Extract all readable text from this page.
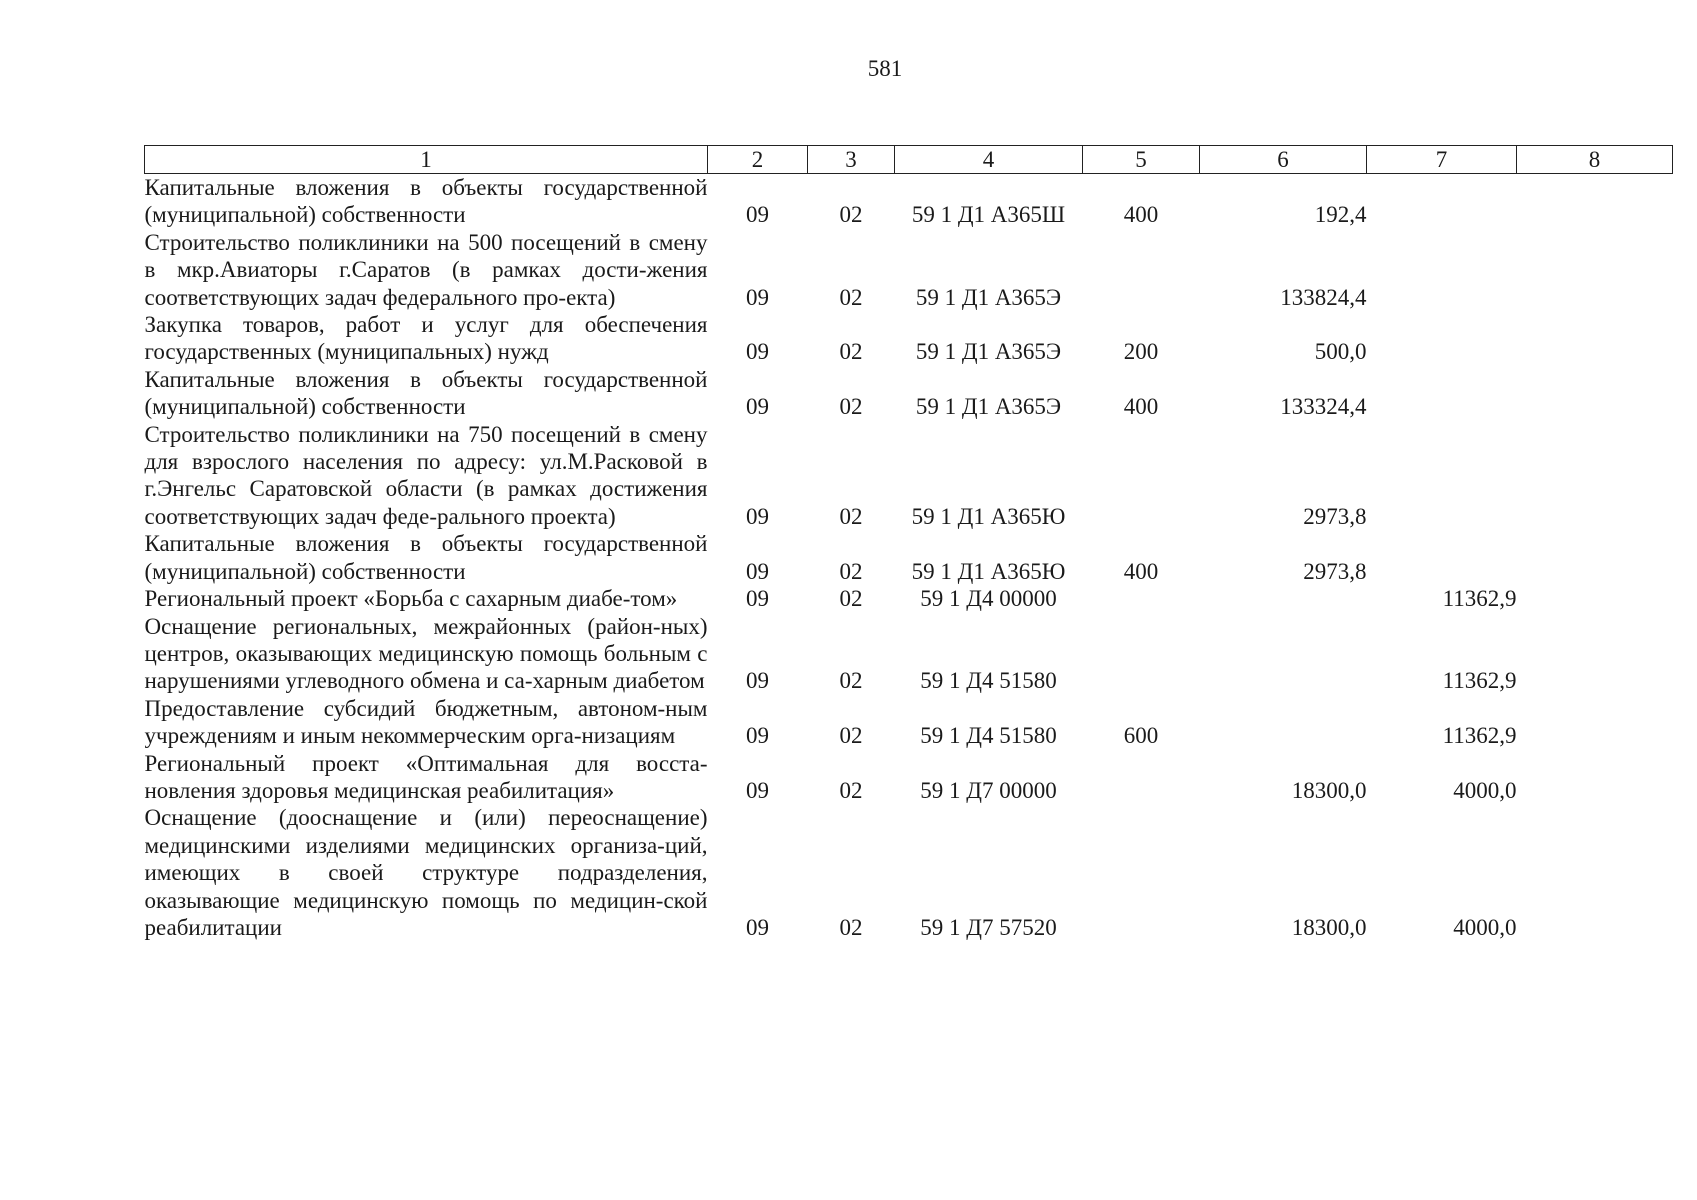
581
1	2	3	4	5	6	7	8
Капитальные вложения в объекты государственной (муниципальной) собственности	09	02	59 1 Д1 А365Ш	400	192,4		
Строительство поликлиники на 500 посещений в смену в мкр.Авиаторы г.Саратов (в рамках дости-жения соответствующих задач федерального про-екта)	09	02	59 1 Д1 А365Э		133824,4		
Закупка товаров, работ и услуг для обеспечения государственных (муниципальных) нужд	09	02	59 1 Д1 А365Э	200	500,0		
Капитальные вложения в объекты государственной (муниципальной) собственности	09	02	59 1 Д1 А365Э	400	133324,4		
Строительство поликлиники на 750 посещений в смену для взрослого населения по адресу: ул.М.Расковой в г.Энгельс Саратовской области (в рамках достижения соответствующих задач феде-рального проекта)	09	02	59 1 Д1 А365Ю		2973,8		
Капитальные вложения в объекты государственной (муниципальной) собственности	09	02	59 1 Д1 А365Ю	400	2973,8		
Региональный проект «Борьба с сахарным диабе-том»	09	02	59 1 Д4 00000			11362,9	
Оснащение региональных, межрайонных (район-ных) центров, оказывающих медицинскую помощь больным с нарушениями углеводного обмена и са-харным диабетом	09	02	59 1 Д4 51580			11362,9	
Предоставление субсидий бюджетным, автоном-ным учреждениям и иным некоммерческим орга-низациям	09	02	59 1 Д4 51580	600		11362,9	
Региональный проект «Оптимальная для восста-новления здоровья медицинская реабилитация»	09	02	59 1 Д7 00000		18300,0	4000,0	
Оснащение (дооснащение и (или) переоснащение) медицинскими изделиями медицинских организа-ций, имеющих в своей структуре подразделения, оказывающие медицинскую помощь по медицин-ской реабилитации	09	02	59 1 Д7 57520		18300,0	4000,0	
